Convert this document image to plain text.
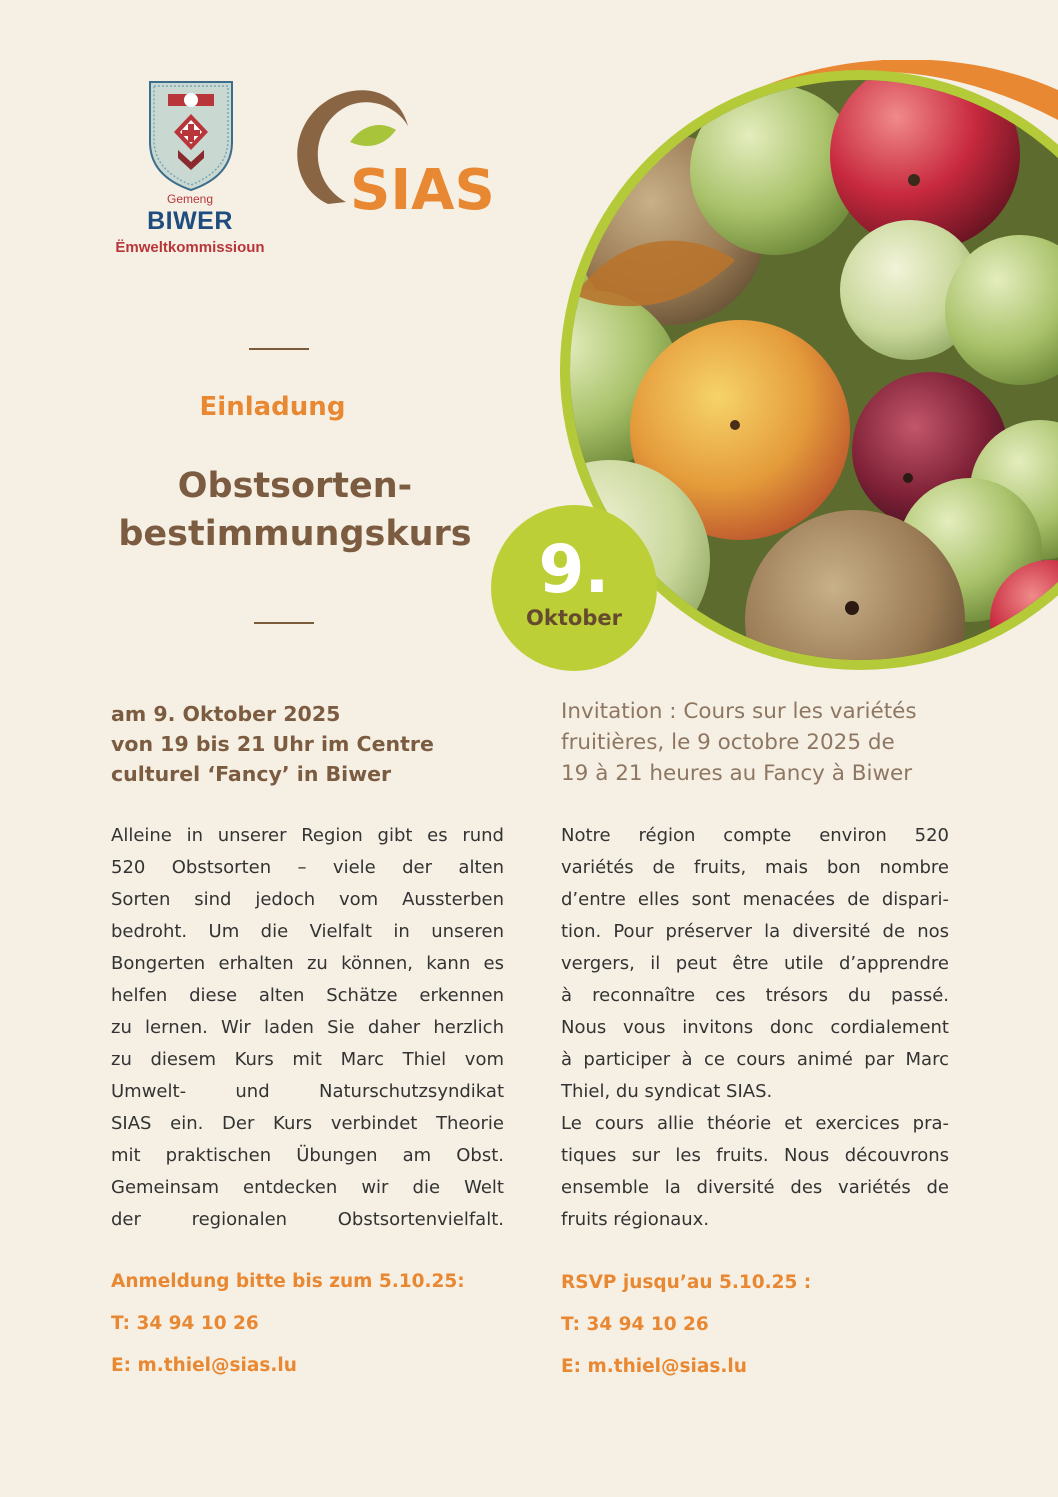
Gemeng
BIWER
Ëmweltkommissioun
SIAS
Einladung
Obstsorten-
bestimmungskurs	9.
Oktober
am 9. Oktober 2025
von 19 bis 21 Uhr im Centre
culturel ‘Fancy’ in Biwer
Alleine in unserer Region gibt es rund
520 Obstsorten – viele der alten
Sorten sind jedoch vom Aussterben
bedroht. Um die Vielfalt in unseren
Bongerten erhalten zu können, kann es
helfen diese alten Schätze erkennen
zu lernen. Wir laden Sie daher herzlich
zu diesem Kurs mit Marc Thiel vom
Umwelt- und Naturschutzsyndikat
SIAS ein. Der Kurs verbindet Theorie
mit praktischen Übungen am Obst.
Gemeinsam entdecken wir die Welt
der regionalen Obstsortenvielfalt.
Anmeldung bitte bis zum 5.10.25:
T: 34 94 10 26
E: m.thiel@sias.lu
Invitation : Cours sur les variétés
fruitières, le 9 octobre 2025 de
19 à 21 heures au Fancy à Biwer
Notre région compte environ 520
variétés de fruits, mais bon nombre
d’entre elles sont menacées de dispari-
tion. Pour préserver la diversité de nos
vergers, il peut être utile d’apprendre
à reconnaître ces trésors du passé.
Nous vous invitons donc cordialement
à participer à ce cours animé par Marc
Thiel, du syndicat SIAS.
Le cours allie théorie et exercices pra-
tiques sur les fruits. Nous découvrons
ensemble la diversité des variétés de
fruits régionaux.
RSVP jusqu’au 5.10.25 :
T: 34 94 10 26
E: m.thiel@sias.lu
